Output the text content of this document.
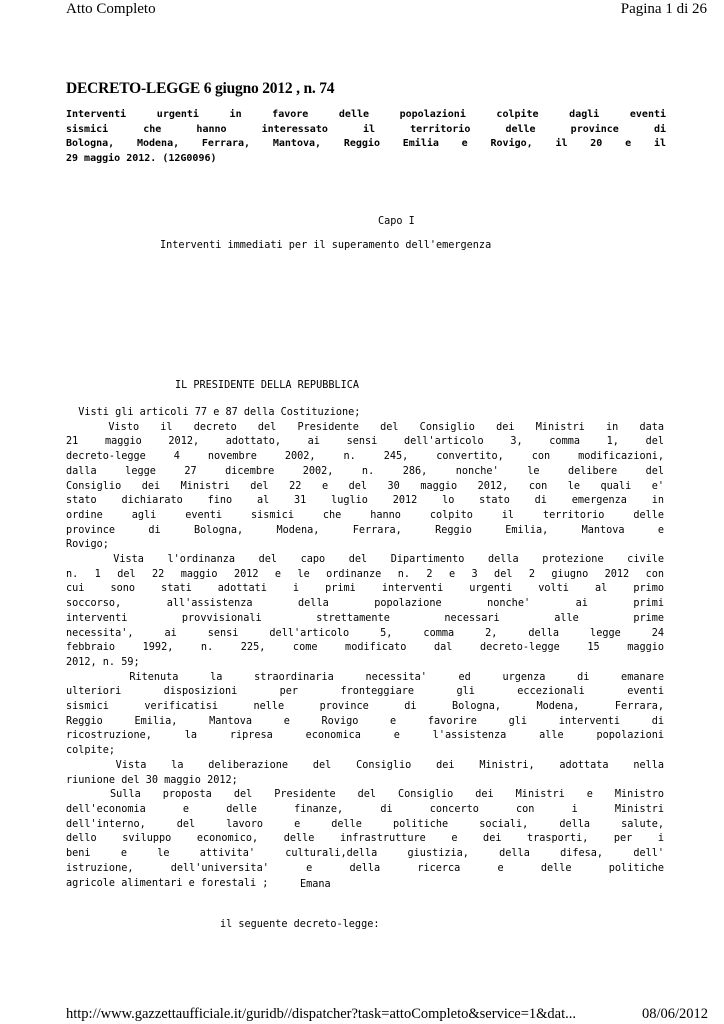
Atto Completo	Pagina 1 di 26
DECRETO-LEGGE 6 giugno 2012 , n. 74
Interventi urgenti in favore delle popolazioni colpite dagli eventi
sismici che hanno interessato il territorio delle province di
Bologna, Modena, Ferrara, Mantova, Reggio Emilia e Rovigo, il 20 e il
29 maggio 2012. (12G0096)
Capo I
Interventi immediati per il superamento dell'emergenza
IL PRESIDENTE DELLA REPUBBLICA
Visti gli articoli 77 e 87 della Costituzione;
Visto il decreto del Presidente del Consiglio dei Ministri in data
21 maggio 2012, adottato, ai sensi dell'articolo 3, comma 1, del
decreto-legge 4 novembre 2002, n. 245, convertito, con modificazioni,
dalla legge 27 dicembre 2002, n. 286, nonche' le delibere del
Consiglio dei Ministri del 22 e del 30 maggio 2012, con le quali e'
stato dichiarato fino al 31 luglio 2012 lo stato di emergenza in
ordine agli eventi sismici che hanno colpito il territorio delle
province di Bologna, Modena, Ferrara, Reggio Emilia, Mantova e
Rovigo;
Vista l'ordinanza del capo del Dipartimento della protezione civile
n. 1 del 22 maggio 2012 e le ordinanze n. 2 e 3 del 2 giugno 2012 con
cui sono stati adottati i primi interventi urgenti volti al primo
soccorso, all'assistenza della popolazione nonche' ai primi
interventi provvisionali strettamente necessari alle prime
necessita', ai sensi dell'articolo 5, comma 2, della legge 24
febbraio 1992, n. 225, come modificato dal decreto-legge 15 maggio
2012, n. 59;
Ritenuta la straordinaria necessita' ed urgenza di emanare
ulteriori disposizioni per fronteggiare gli eccezionali eventi
sismici verificatisi nelle province di Bologna, Modena, Ferrara,
Reggio Emilia, Mantova e Rovigo e favorire gli interventi di
ricostruzione, la ripresa economica e l'assistenza alle popolazioni
colpite;
Vista la deliberazione del Consiglio dei Ministri, adottata nella
riunione del 30 maggio 2012;
Sulla proposta del Presidente del Consiglio dei Ministri e Ministro
dell'economia e delle finanze, di concerto con i Ministri
dell'interno, del lavoro e delle politiche sociali, della salute,
dello sviluppo economico, delle infrastrutture e dei trasporti, per i
beni e le attivita' culturali,della giustizia, della difesa, dell'
istruzione, dell'universita' e della ricerca e delle politiche
agricole alimentari e forestali ;	Emana
il seguente decreto-legge:
http://www.gazzettaufficiale.it/guridb//dispatcher?task=attoCompleto&service=1&dat...	08/06/2012
